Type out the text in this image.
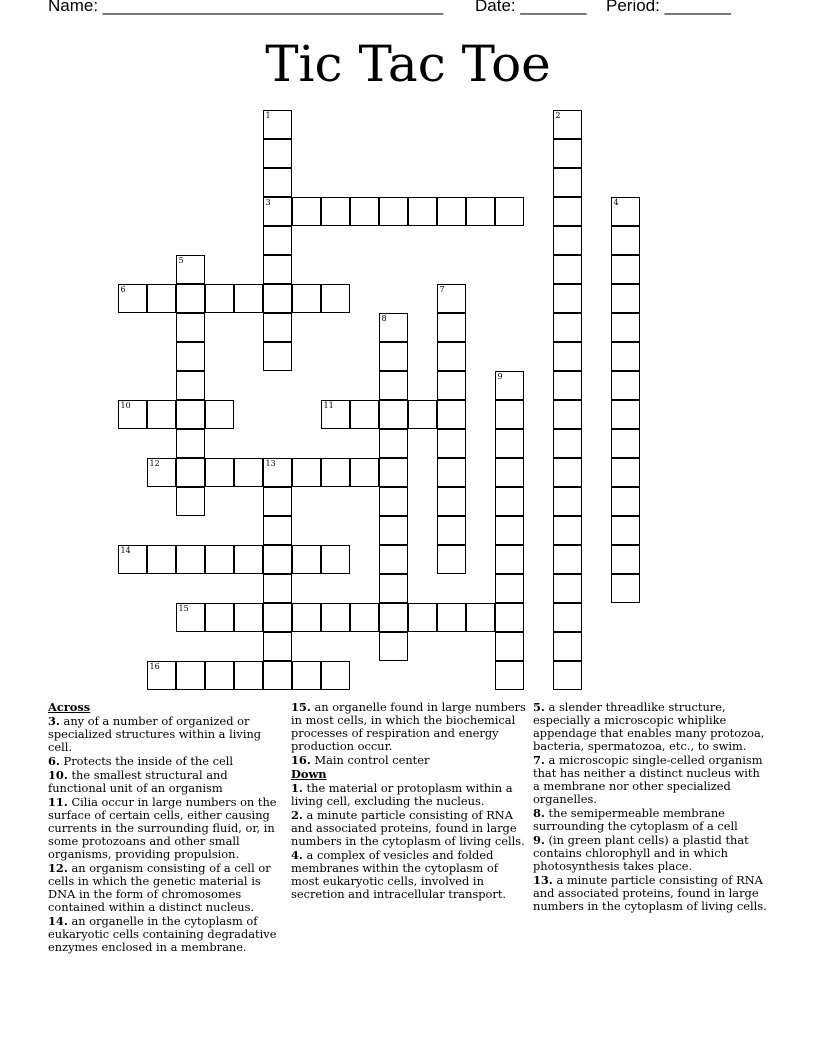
Name: ____________________________________ Date: _______ Period: _______
Tic Tac Toe
1	2
3	4
5
6	7
8
9
10	11
12	13
14
15
16
Across

3. any of a number of organized or specialized structures within a living cell.

6. Protects the inside of the cell

10. the smallest structural and functional unit of an organism

11. Cilia occur in large numbers on the surface of certain cells, either causing currents in the surrounding fluid, or, in some protozoans and other small organisms, providing propulsion.

12. an organism consisting of a cell or cells in which the genetic material is DNA in the form of chromosomes contained within a distinct nucleus.

14. an organelle in the cytoplasm of eukaryotic cells containing degradative enzymes enclosed in a membrane.

15. an organelle found in large numbers in most cells, in which the biochemical processes of respiration and energy production occur.

16. Main control center

Down

1. the material or protoplasm within a living cell, excluding the nucleus.

2. a minute particle consisting of RNA and associated proteins, found in large numbers in the cytoplasm of living cells.

4. a complex of vesicles and folded membranes within the cytoplasm of most eukaryotic cells, involved in secretion and intracellular transport.

5. a slender threadlike structure, especially a microscopic whiplike appendage that enables many protozoa, bacteria, spermatozoa, etc., to swim.

7. a microscopic single-celled organism that has neither a distinct nucleus with a membrane nor other specialized organelles.

8. the semipermeable membrane surrounding the cytoplasm of a cell

9. (in green plant cells) a plastid that contains chlorophyll and in which photosynthesis takes place.

13. a minute particle consisting of RNA and associated proteins, found in large numbers in the cytoplasm of living cells.
